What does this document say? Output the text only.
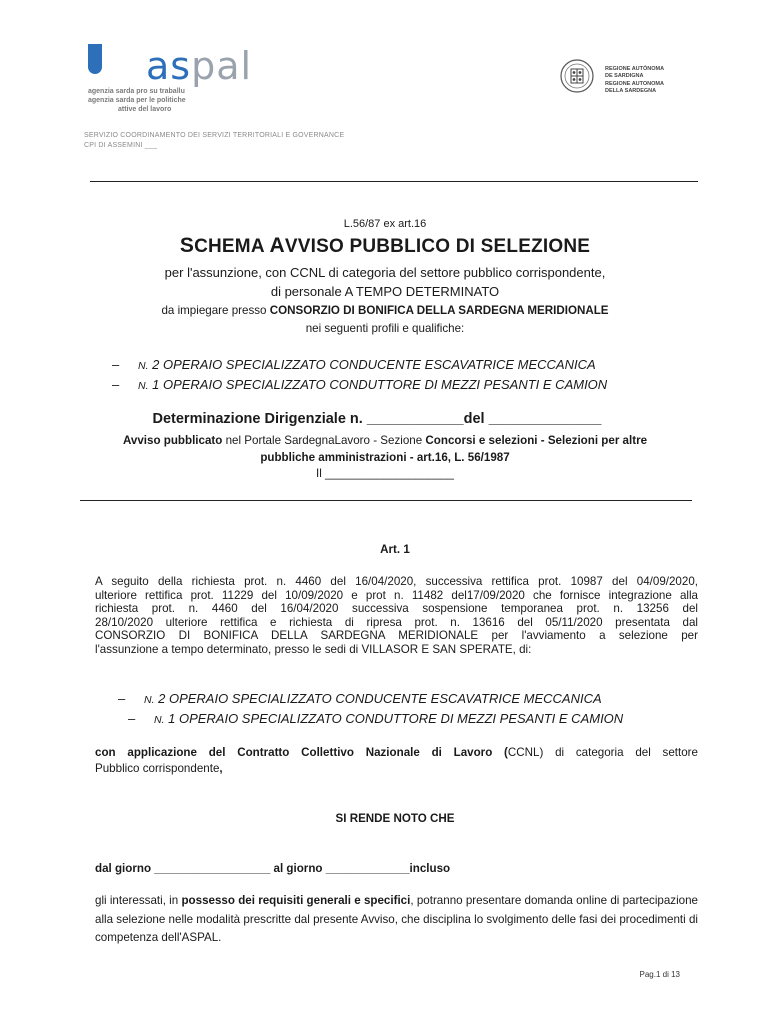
aspal
agenzia sarda pro su traballu
agenzia sarda per le politiche
attive del lavoro
REGIONE AUTÒNOMA
DE SARDIGNA
REGIONE AUTONOMA
DELLA SARDEGNA
SERVIZIO COORDINAMENTO DEI SERVIZI TERRITORIALI E GOVERNANCE
CPI DI ASSEMINI ___
L.56/87 ex art.16
SCHEMA AVVISO PUBBLICO DI SELEZIONE
per l'assunzione, con CCNL di categoria del settore pubblico corrispondente,
di personale A TEMPO DETERMINATO
da impiegare presso CONSORZIO DI BONIFICA DELLA SARDEGNA MERIDIONALE
nei seguenti profili e qualifiche:
– N. 2 OPERAIO SPECIALIZZATO CONDUCENTE ESCAVATRICE MECCANICA
– N. 1 OPERAIO SPECIALIZZATO CONDUTTORE DI MEZZI PESANTI E CAMION
Determinazione Dirigenziale n. ____________del ______________
Avviso pubblicato nel Portale SardegnaLavoro - Sezione Concorsi e selezioni - Selezioni per altre
pubbliche amministrazioni - art.16, L. 56/1987
Il ____________________
Art. 1
A seguito della richiesta prot. n. 4460 del 16/04/2020, successiva rettifica prot. 10987 del 04/09/2020,
ulteriore rettifica prot. 11229 del 10/09/2020 e prot n. 11482 del17/09/2020 che fornisce integrazione alla
richiesta prot. n. 4460 del 16/04/2020 successiva sospensione temporanea prot. n. 13256 del
28/10/2020 ulteriore rettifica e richiesta di ripresa prot. n. 13616 del 05/11/2020 presentata dal
CONSORZIO DI BONIFICA DELLA SARDEGNA MERIDIONALE per l'avviamento a selezione per
l'assunzione a tempo determinato, presso le sedi di VILLASOR E SAN SPERATE, di:
– N. 2 OPERAIO SPECIALIZZATO CONDUCENTE ESCAVATRICE MECCANICA
– N. 1 OPERAIO SPECIALIZZATO CONDUTTORE DI MEZZI PESANTI E CAMION
con applicazione del Contratto Collettivo Nazionale di Lavoro (CCNL) di categoria del settore
Pubblico corrispondente,
SI RENDE NOTO CHE
dal giorno __________________ al giorno _____________incluso
gli interessati, in possesso dei requisiti generali e specifici, potranno presentare domanda online di partecipazione alla selezione nelle modalità prescritte dal presente Avviso, che disciplina lo svolgimento delle fasi dei procedimenti di competenza dell'ASPAL.
Pag.1 di 13
